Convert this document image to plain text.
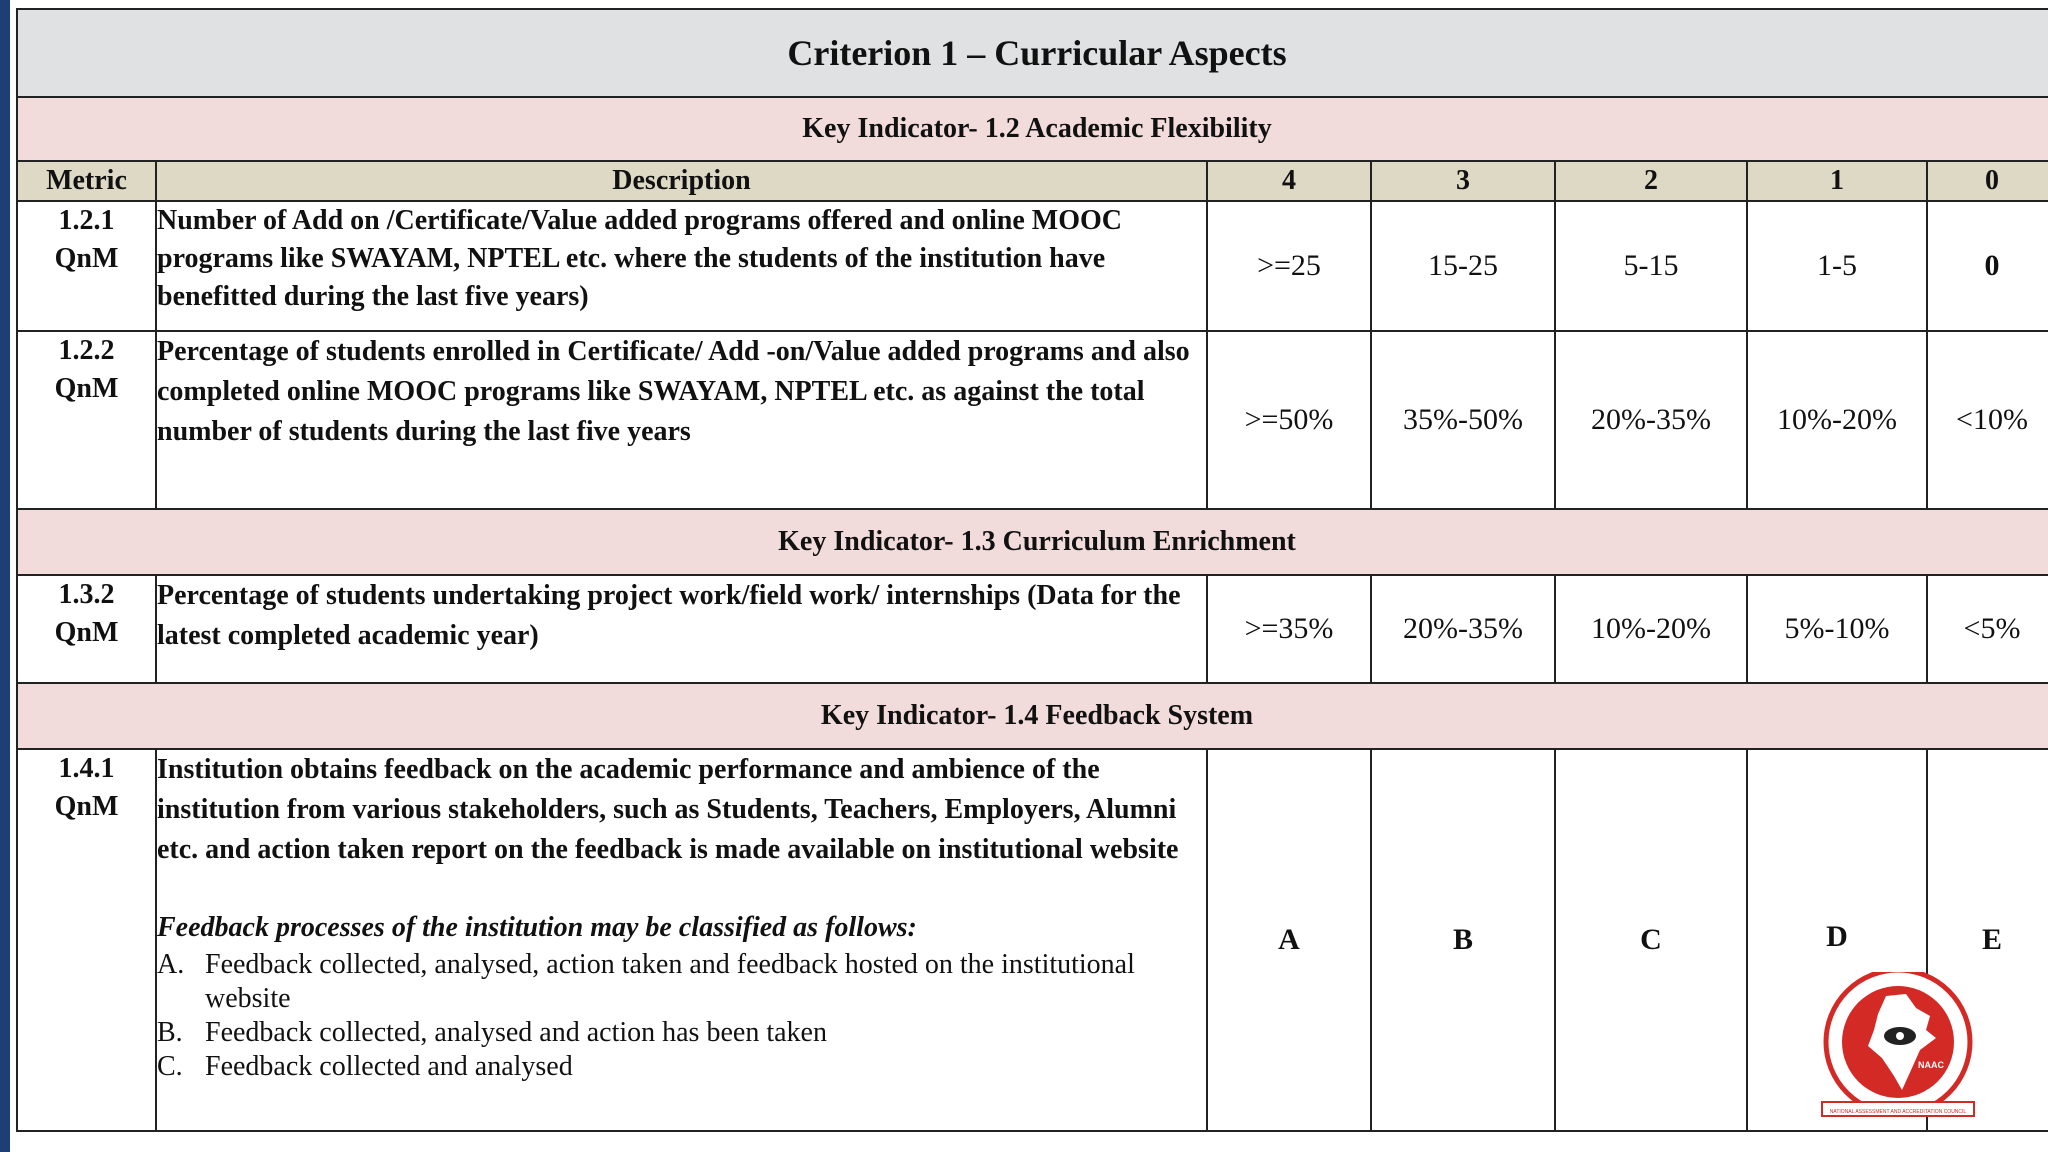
Criterion 1 – Curricular Aspects						
Key Indicator- 1.2 Academic Flexibility						
Metric	Description	4	3	2	1	0

1.2.1
QnM	Number of Add on /Certificate/Value added programs offered and online MOOC programs like SWAYAM, NPTEL etc. where the students of the institution have benefitted during the last five years)	>=25	15-25	5-15	1-5	0

1.2.2
QnM	Percentage of students enrolled in Certificate/ Add -on/Value added programs and also completed online MOOC programs like SWAYAM, NPTEL etc. as against the total number of students during the last five years	>=50%	35%-50%	20%-35%	10%-20%	<10%
Key Indicator- 1.3 Curriculum Enrichment						

1.3.2
QnM	Percentage of students undertaking project work/field work/ internships (Data for the latest completed academic year)	>=35%	20%-35%	10%-20%	5%-10%	<5%
Key Indicator- 1.4 Feedback System						

1.4.1
QnM	Institution obtains feedback on the academic performance and ambience of the institution from various stakeholders, such as Students, Teachers, Employers, Alumni etc. and action taken report on the feedback is made available on institutional website
Feedback processes of the institution may be classified as follows:
A. Feedback collected, analysed, action taken and feedback hosted on the institutional website
B. Feedback collected, analysed and action has been taken
C. Feedback collected and analysed	A	B	C	D	E
NAAC
NATIONAL ASSESSMENT AND ACCREDITATION COUNCIL
